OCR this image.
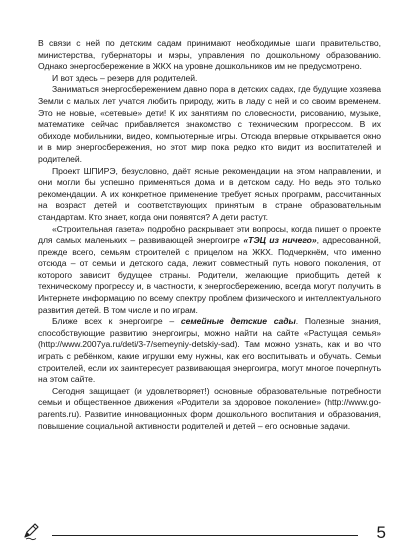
В связи с ней по детским садам принимают необходимые шаги правительство, министерства, губернаторы и мэры, управления по дошкольному образованию. Однако энергосбережение в ЖКХ на уровне дошкольников им не предусмотрено.

И вот здесь – резерв для родителей.

Заниматься энергосбережением давно пора в детских садах, где будущие хозяева Земли с малых лет учатся любить природу, жить в ладу с ней и со своим временем. Это не новые, «сетевые» дети! К их занятиям по словесности, рисованию, музыке, математике сейчас прибавляется знакомство с техническим прогрессом. В их обиходе мобильники, видео, компьютерные игры. Отсюда впервые открывается окно и в мир энергосбережения, но этот мир пока редко кто видит из воспитателей и родителей.

Проект ШПИРЭ, безусловно, даёт ясные рекомендации на этом направлении, и они могли бы успешно применяться дома и в детском саду. Но ведь это только рекомендации. А их конкретное применение требует ясных программ, рассчитанных на возраст детей и соответствующих принятым в стране образовательным стандартам. Кто знает, когда они появятся? А дети растут.

«Строительная газета» подробно раскрывает эти вопросы, когда пишет о проекте для самых маленьких – развивающей энергоигре «ТЭЦ из ничего», адресованной, прежде всего, семьям строителей с прицелом на ЖКХ. Подчеркнём, что именно отсюда – от семьи и детского сада, лежит совместный путь нового поколения, от которого зависит будущее страны. Родители, желающие приобщить детей к техническому прогрессу и, в частности, к энергосбережению, всегда могут получить в Интернете информацию по всему спектру проблем физического и интеллектуального развития детей. В том числе и по играм.

Ближе всех к энергоигре – семейные детские сады. Полезные знания, способствующие развитию энергоигры, можно найти на сайте «Растущая семья» (http://www.2007ya.ru/deti/3-7/semeyniy-detskiy-sad). Там можно узнать, как и во что играть с ребёнком, какие игрушки ему нужны, как его воспитывать и обучать. Семьи строителей, если их заинтересует развивающая энергоигра, могут многое почерпнуть на этом сайте.

Сегодня защищает (и удовлетворяет!) основные образовательные потребности семьи и общественное движения «Родители за здоровое поколение» (http://www.go-parents.ru). Развитие инновационных форм дошкольного воспитания и образования, повышение социальной активности родителей и детей – его основные задачи.

5
